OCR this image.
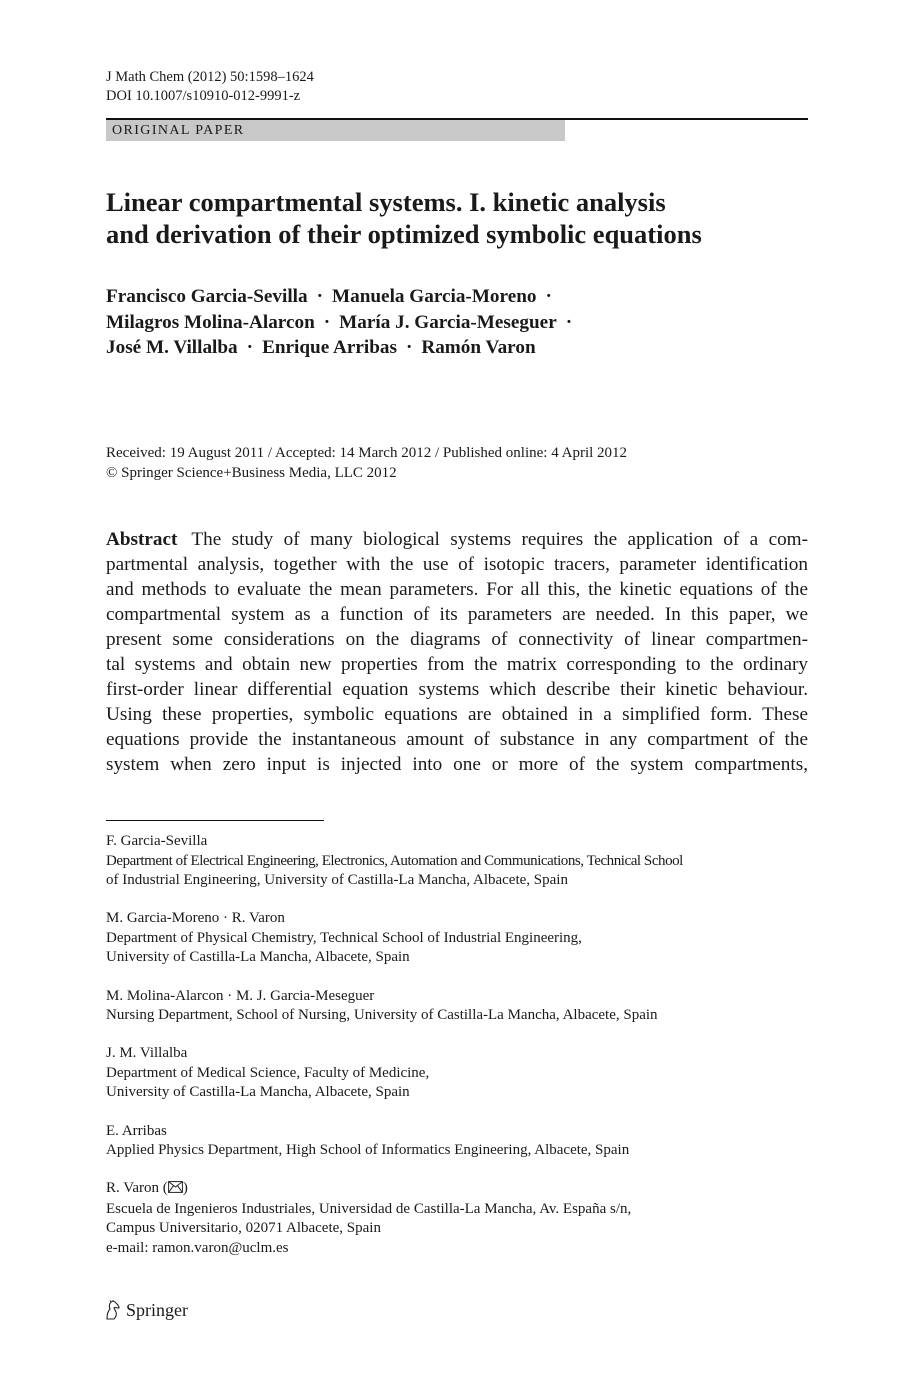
J Math Chem (2012) 50:1598–1624
DOI 10.1007/s10910-012-9991-z
ORIGINAL PAPER
Linear compartmental systems. I. kinetic analysis
and derivation of their optimized symbolic equations
Francisco Garcia-Sevilla · Manuela Garcia-Moreno ·
Milagros Molina-Alarcon · María J. Garcia-Meseguer ·
José M. Villalba · Enrique Arribas · Ramón Varon
Received: 19 August 2011 / Accepted: 14 March 2012 / Published online: 4 April 2012
© Springer Science+Business Media, LLC 2012
Abstract The study of many biological systems requires the application of a com-
partmental analysis, together with the use of isotopic tracers, parameter identification
and methods to evaluate the mean parameters. For all this, the kinetic equations of the
compartmental system as a function of its parameters are needed. In this paper, we
present some considerations on the diagrams of connectivity of linear compartmen-
tal systems and obtain new properties from the matrix corresponding to the ordinary
first-order linear differential equation systems which describe their kinetic behaviour.
Using these properties, symbolic equations are obtained in a simplified form. These
equations provide the instantaneous amount of substance in any compartment of the
system when zero input is injected into one or more of the system compartments,
F. Garcia-Sevilla
Department of Electrical Engineering, Electronics, Automation and Communications, Technical School
of Industrial Engineering, University of Castilla-La Mancha, Albacete, Spain
M. Garcia-Moreno · R. Varon
Department of Physical Chemistry, Technical School of Industrial Engineering,
University of Castilla-La Mancha, Albacete, Spain
M. Molina-Alarcon · M. J. Garcia-Meseguer
Nursing Department, School of Nursing, University of Castilla-La Mancha, Albacete, Spain
J. M. Villalba
Department of Medical Science, Faculty of Medicine,
University of Castilla-La Mancha, Albacete, Spain
E. Arribas
Applied Physics Department, High School of Informatics Engineering, Albacete, Spain
R. Varon ( )
Escuela de Ingenieros Industriales, Universidad de Castilla-La Mancha, Av. España s/n,
Campus Universitario, 02071 Albacete, Spain
e-mail: ramon.varon@uclm.es
Springer
